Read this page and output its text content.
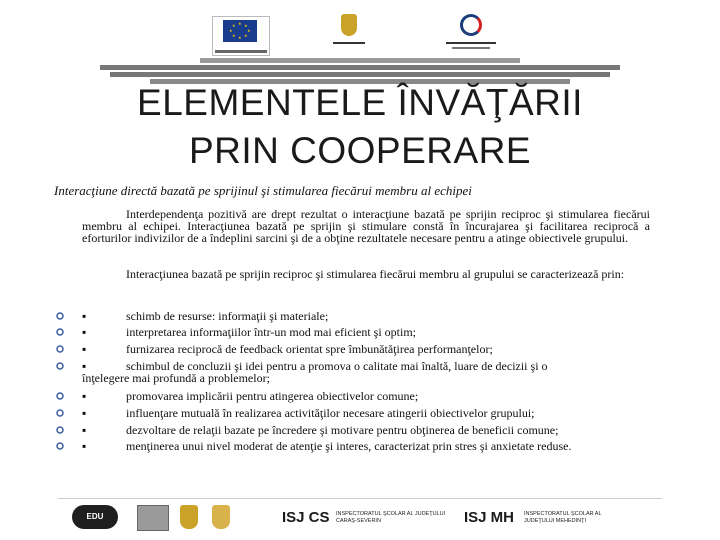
★ ★
★
★
★
★
★
★
ELEMENTELE ÎNVĂŢĂRII
PRIN COOPERARE
Interacţiune directă bazată pe sprijinul şi stimularea fiecărui membru al echipei
Interdependenţa pozitivă are drept rezultat o interacţiune bazată pe sprijin reciproc şi stimularea fiecărui membru al echipei. Interacţiunea bazată pe sprijin şi stimulare constă în încurajarea şi facilitarea reciprocă a eforturilor indivizilor de a îndeplini sarcini şi de a obţine rezultatele necesare pentru a atinge obiectivele grupului.
Interacţiunea bazată pe sprijin reciproc şi stimularea fiecărui membru al grupului se caracterizează prin:
▪	schimb de resurse: informaţii şi materiale;
▪	interpretarea informaţiilor într-un mod mai eficient şi optim;
▪	furnizarea reciprocă de feedback orientat spre îmbunătăţirea performanţelor;
▪	schimbul de concluzii şi idei pentru a promova o calitate mai înaltă, luare de decizii şi o
înţelegere mai profundă a problemelor;
▪	promovarea implicării pentru atingerea obiectivelor comune;
▪	influenţare mutuală în realizarea activităţilor necesare atingerii obiectivelor grupului;
▪	dezvoltare de relaţii bazate pe încredere şi motivare pentru obţinerea de beneficii comune;
▪	menţinerea unui nivel moderat de atenţie şi interes, caracterizat prin stres şi anxietate reduse.
EDU	ISJ CS INSPECTORATUL ŞCOLAR AL JUDEŢULUI CARAŞ-SEVERIN	ISJ MH INSPECTORATUL ŞCOLAR AL JUDEŢULUI MEHEDINŢI
